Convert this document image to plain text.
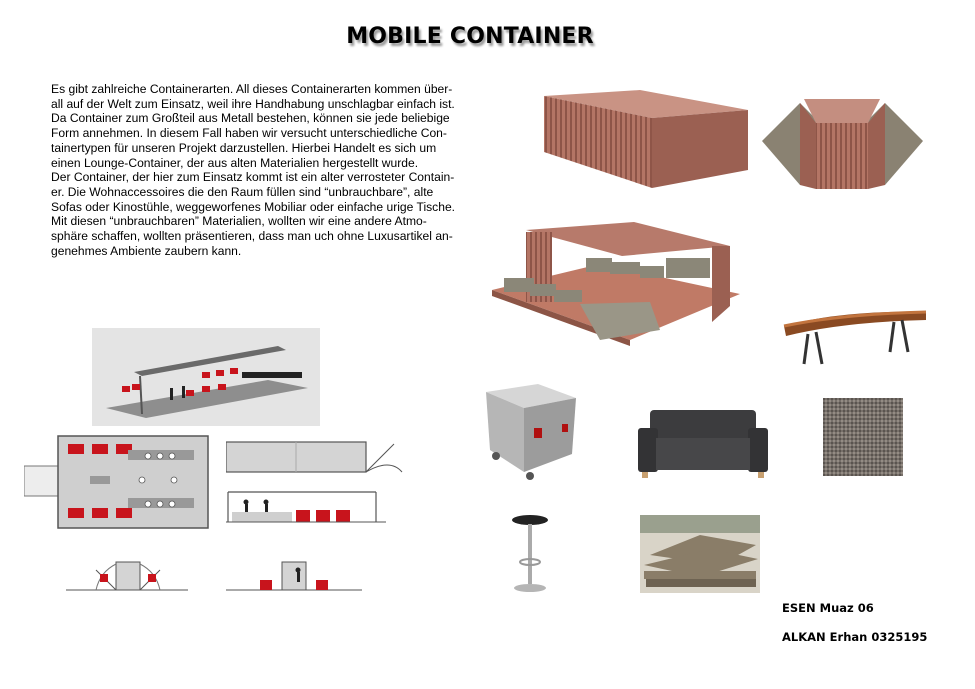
MOBILE CONTAINER
Es gibt zahlreiche Containerarten. All dieses Containerarten kommen über-
all auf der Welt zum Einsatz, weil ihre Handhabung unschlagbar einfach ist.
Da Container zum Großteil aus Metall bestehen, können sie jede beliebige
Form annehmen. In diesem Fall haben wir versucht unterschiedliche Con-
tainertypen für unseren Projekt darzustellen. Hierbei Handelt es sich um
einen Lounge-Container, der aus alten Materialien hergestellt wurde.
Der Container, der hier zum Einsatz kommt ist ein alter verrosteter Contain-
er. Die Wohnaccessoires die den Raum füllen sind “unbrauchbare”, alte
Sofas oder Kinostühle, weggeworfenes Mobiliar oder einfache urige Tische.
Mit diesen “unbrauchbaren” Materialien, wollten wir eine andere Atmo-
sphäre schaffen, wollten präsentieren, dass man uch ohne Luxusartikel an-
genehmes Ambiente zaubern kann.
ESEN Muaz 06
ALKAN Erhan 0325195
